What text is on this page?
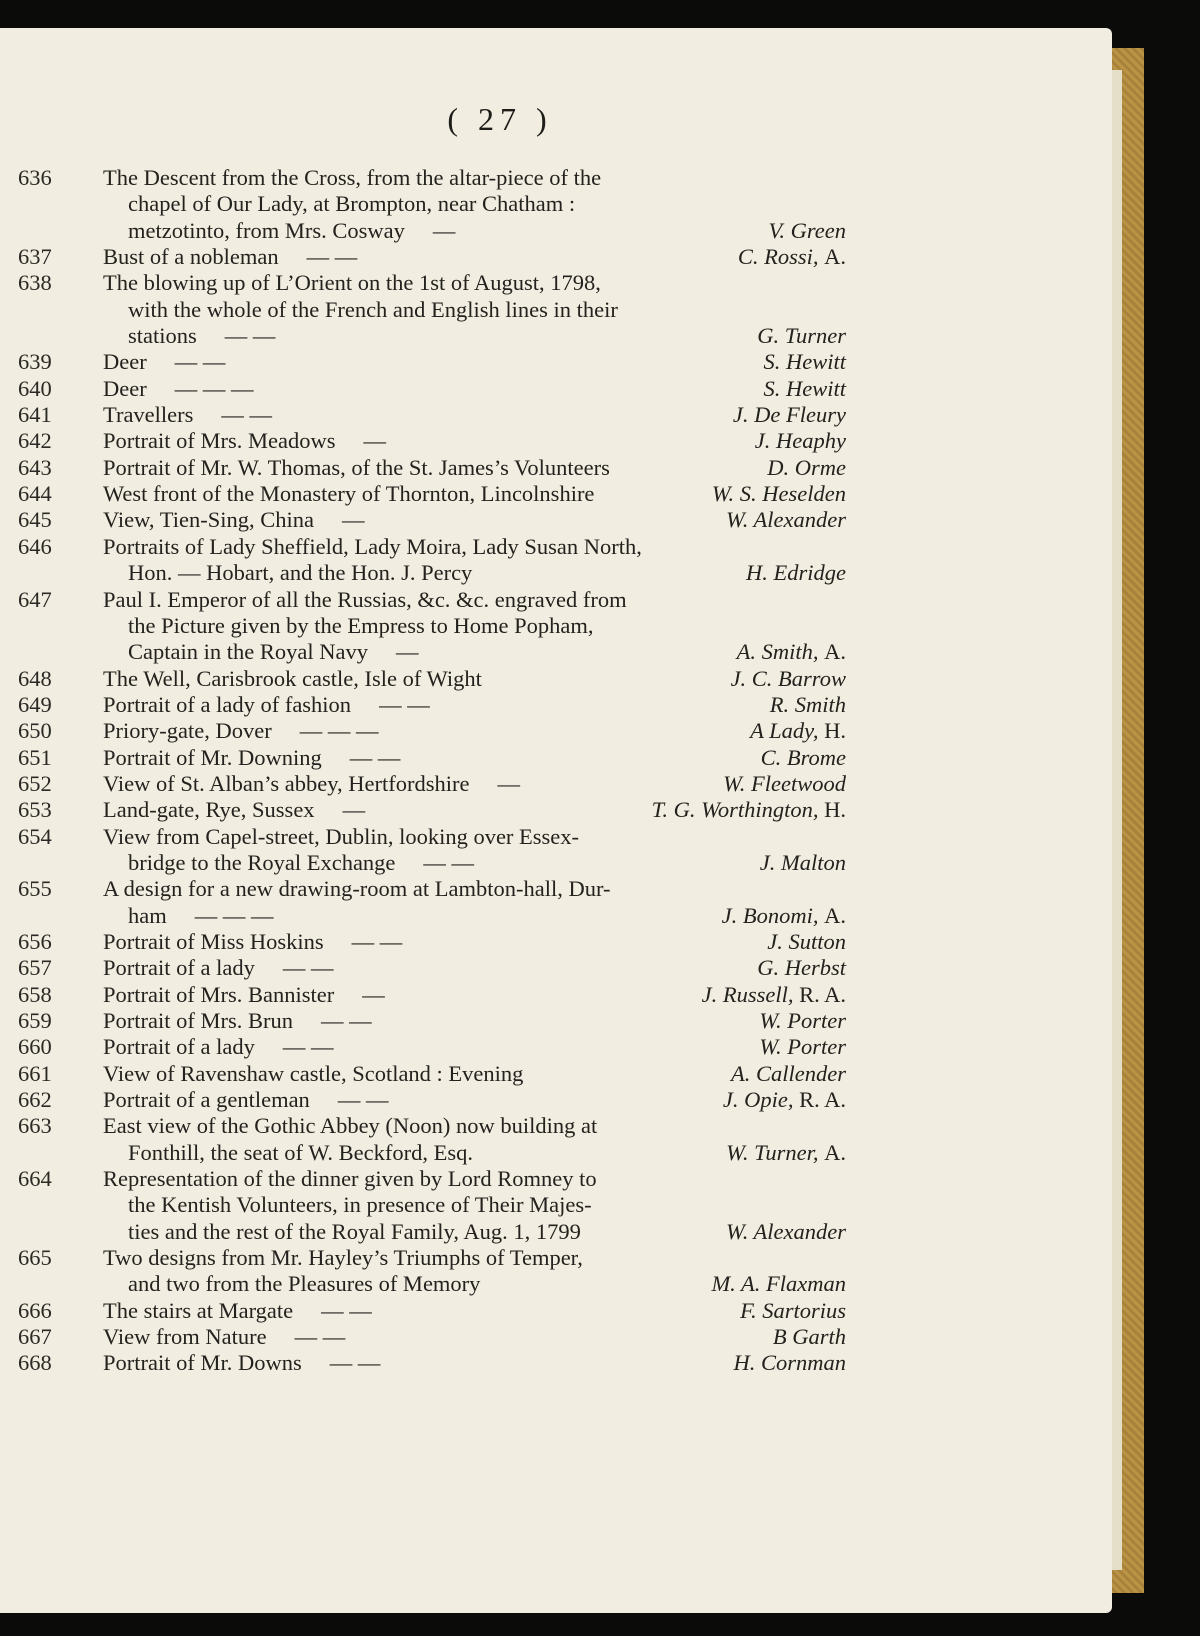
( 27 )
636 The Descent from the Cross, from the altar-piece of the
chapel of Our Lady, at Brompton, near Chatham :
metzotinto, from Mrs. Cosway —	V. Green
637 Bust of a nobleman — —	C. Rossi, A.
638 The blowing up of L’Orient on the 1st of August, 1798,
with the whole of the French and English lines in their
stations — —	G. Turner
639 Deer — —	S. Hewitt
640 Deer — — —	S. Hewitt
641 Travellers — —	J. De Fleury
642 Portrait of Mrs. Meadows —	J. Heaphy
643 Portrait of Mr. W. Thomas, of the St. James’s Volunteers	D. Orme
644 West front of the Monastery of Thornton, Lincolnshire	W. S. Heselden
645 View, Tien-Sing, China —	W. Alexander
646 Portraits of Lady Sheffield, Lady Moira, Lady Susan North,
Hon. — Hobart, and the Hon. J. Percy	H. Edridge
647 Paul I. Emperor of all the Russias, &c. &c. engraved from
the Picture given by the Empress to Home Popham,
Captain in the Royal Navy —	A. Smith, A.
648 The Well, Carisbrook castle, Isle of Wight	J. C. Barrow
649 Portrait of a lady of fashion — —	R. Smith
650 Priory-gate, Dover — — —	A Lady, H.
651 Portrait of Mr. Downing — —	C. Brome
652 View of St. Alban’s abbey, Hertfordshire —	W. Fleetwood
653 Land-gate, Rye, Sussex —	T. G. Worthington, H.
654 View from Capel-street, Dublin, looking over Essex-
bridge to the Royal Exchange — —	J. Malton
655 A design for a new drawing-room at Lambton-hall, Dur-
ham — — —	J. Bonomi, A.
656 Portrait of Miss Hoskins — —	J. Sutton
657 Portrait of a lady — —	G. Herbst
658 Portrait of Mrs. Bannister —	J. Russell, R. A.
659 Portrait of Mrs. Brun — —	W. Porter
660 Portrait of a lady — —	W. Porter
661 View of Ravenshaw castle, Scotland : Evening	A. Callender
662 Portrait of a gentleman — —	J. Opie, R. A.
663 East view of the Gothic Abbey (Noon) now building at
Fonthill, the seat of W. Beckford, Esq.	W. Turner, A.
664 Representation of the dinner given by Lord Romney to
the Kentish Volunteers, in presence of Their Majes-
ties and the rest of the Royal Family, Aug. 1, 1799	W. Alexander
665 Two designs from Mr. Hayley’s Triumphs of Temper,
and two from the Pleasures of Memory	M. A. Flaxman
666 The stairs at Margate — —	F. Sartorius
667 View from Nature — —	B Garth
668 Portrait of Mr. Downs — —	H. Cornman
